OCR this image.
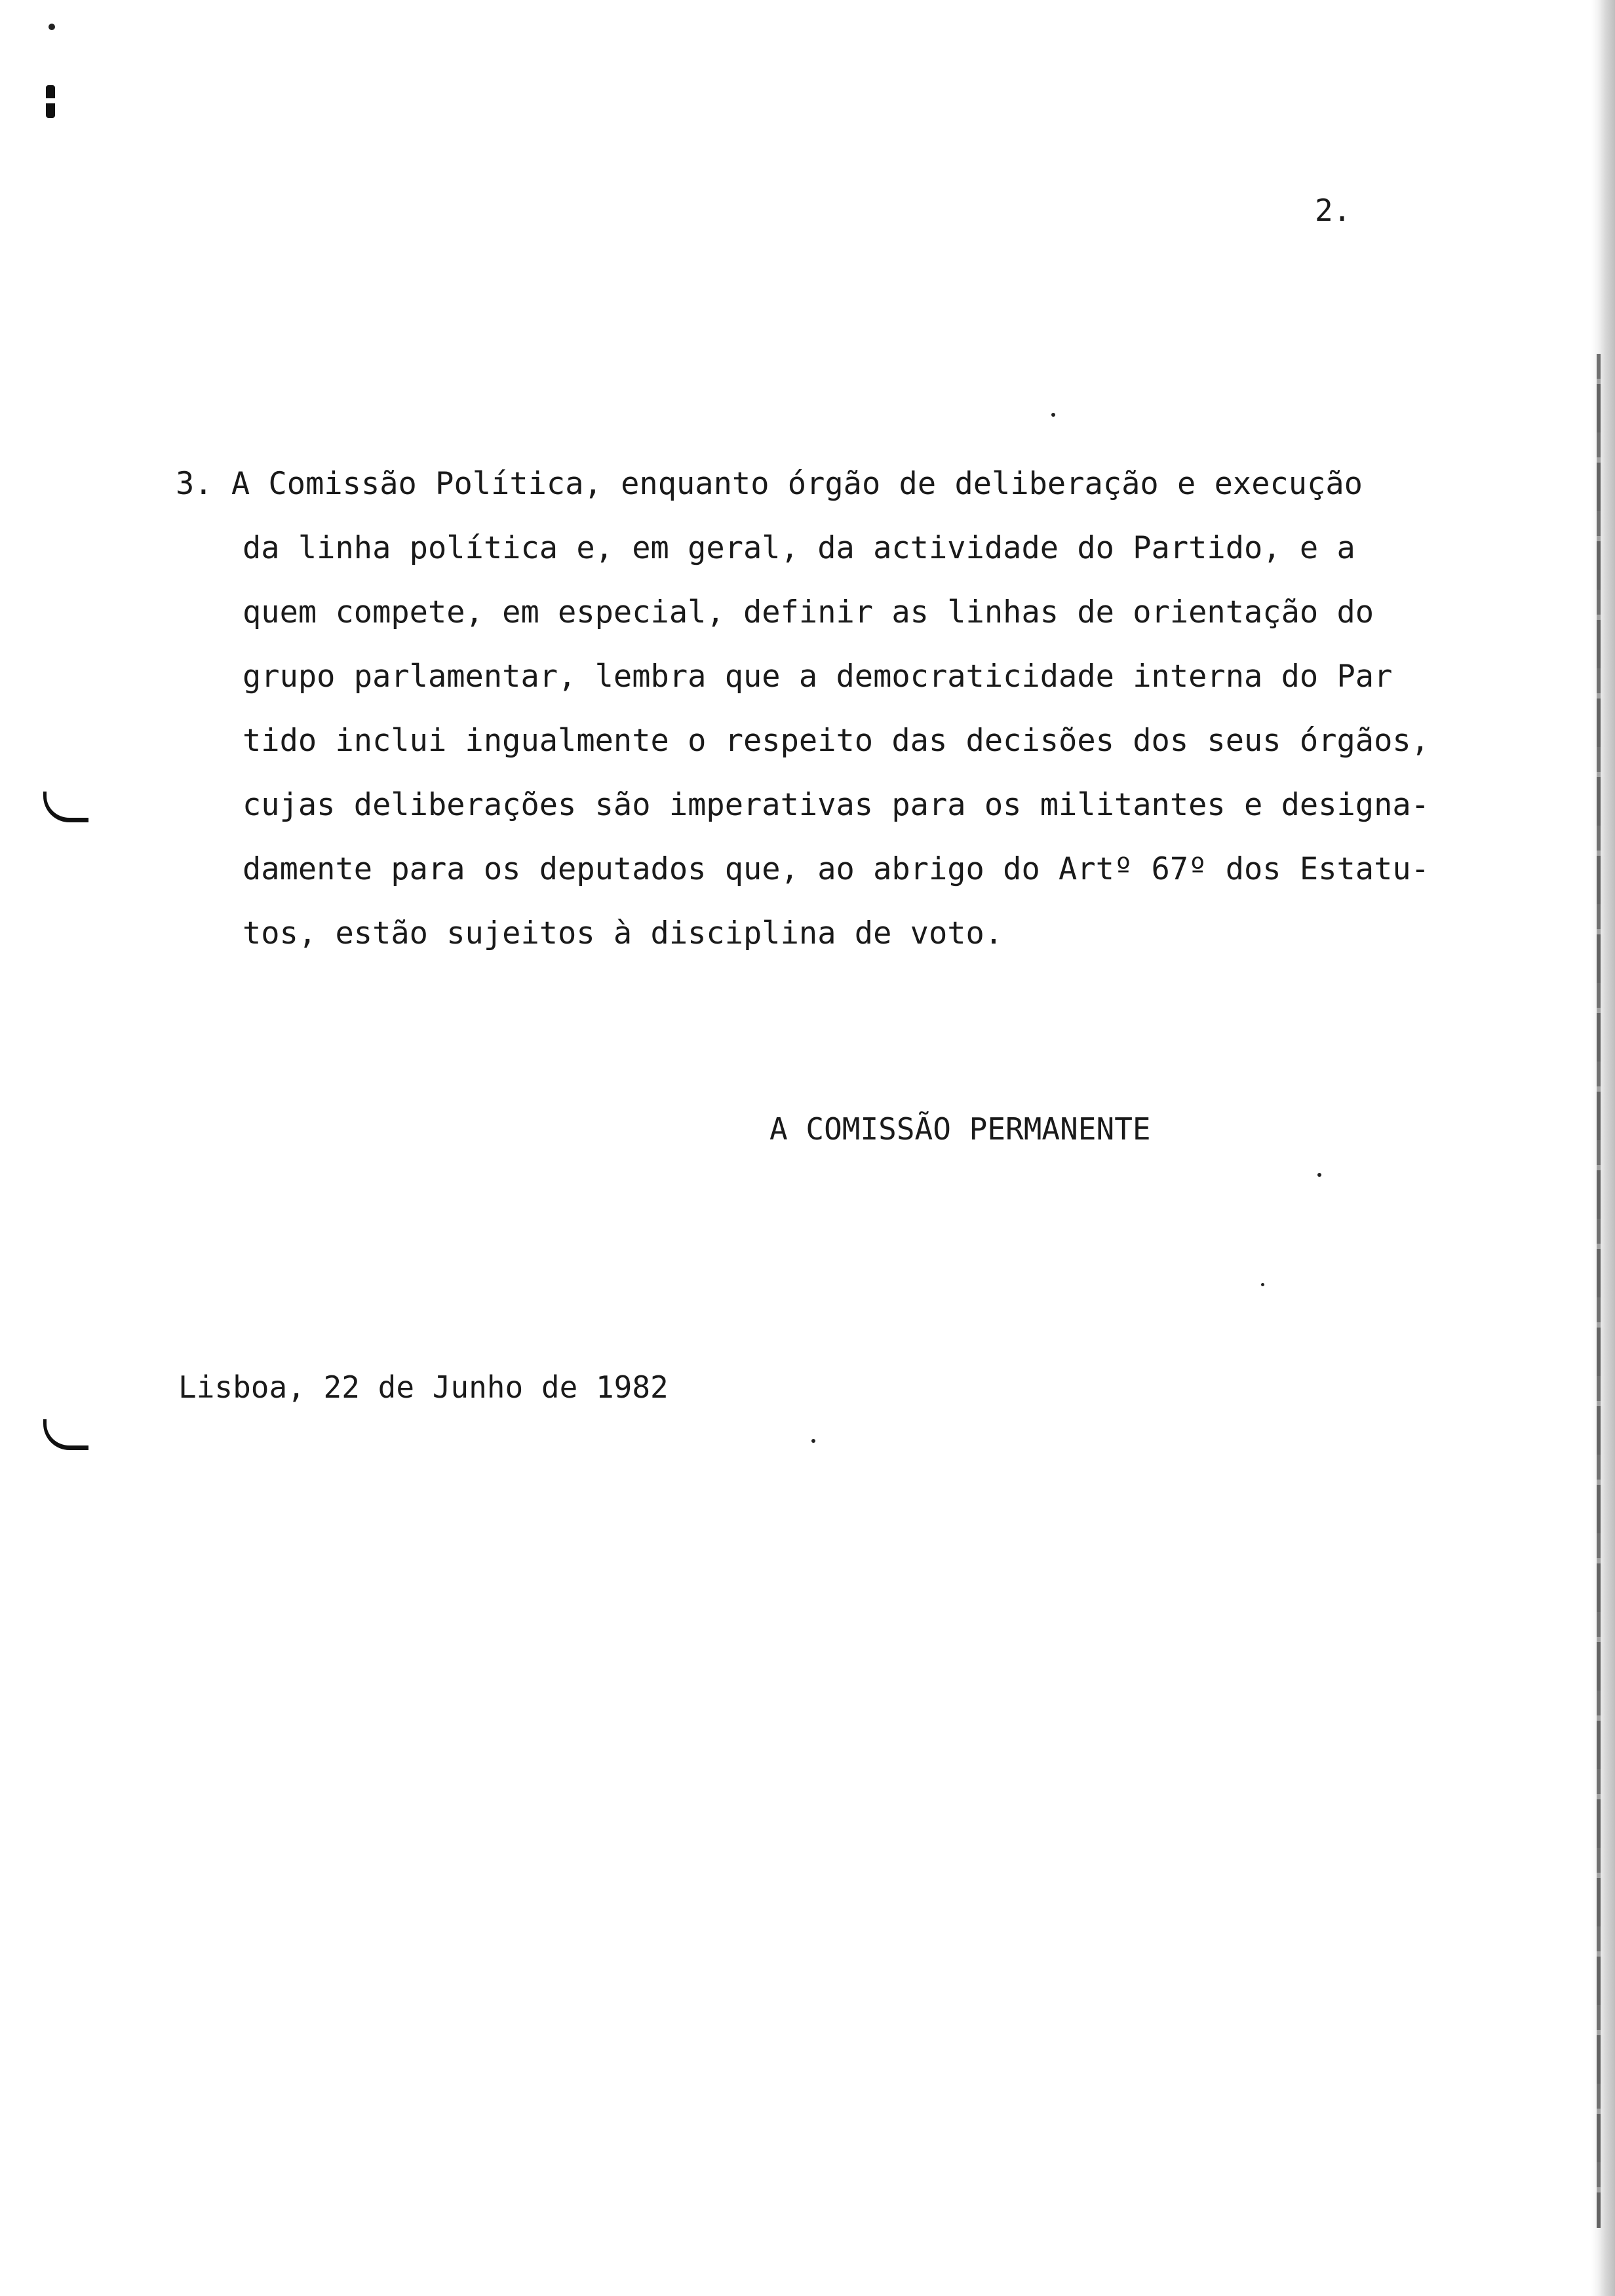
2.
3. A Comissão Política, enquanto órgão de deliberação e execução
da linha política e, em geral, da actividade do Partido, e a
quem compete, em especial, definir as linhas de orientação do
grupo parlamentar, lembra que a democraticidade interna do Par
tido inclui ingualmente o respeito das decisões dos seus órgãos,
cujas deliberações são imperativas para os militantes e designa-
damente para os deputados que, ao abrigo do Artº 67º dos Estatu-
tos, estão sujeitos à disciplina de voto.
A COMISSÃO PERMANENTE
Lisboa, 22 de Junho de 1982
